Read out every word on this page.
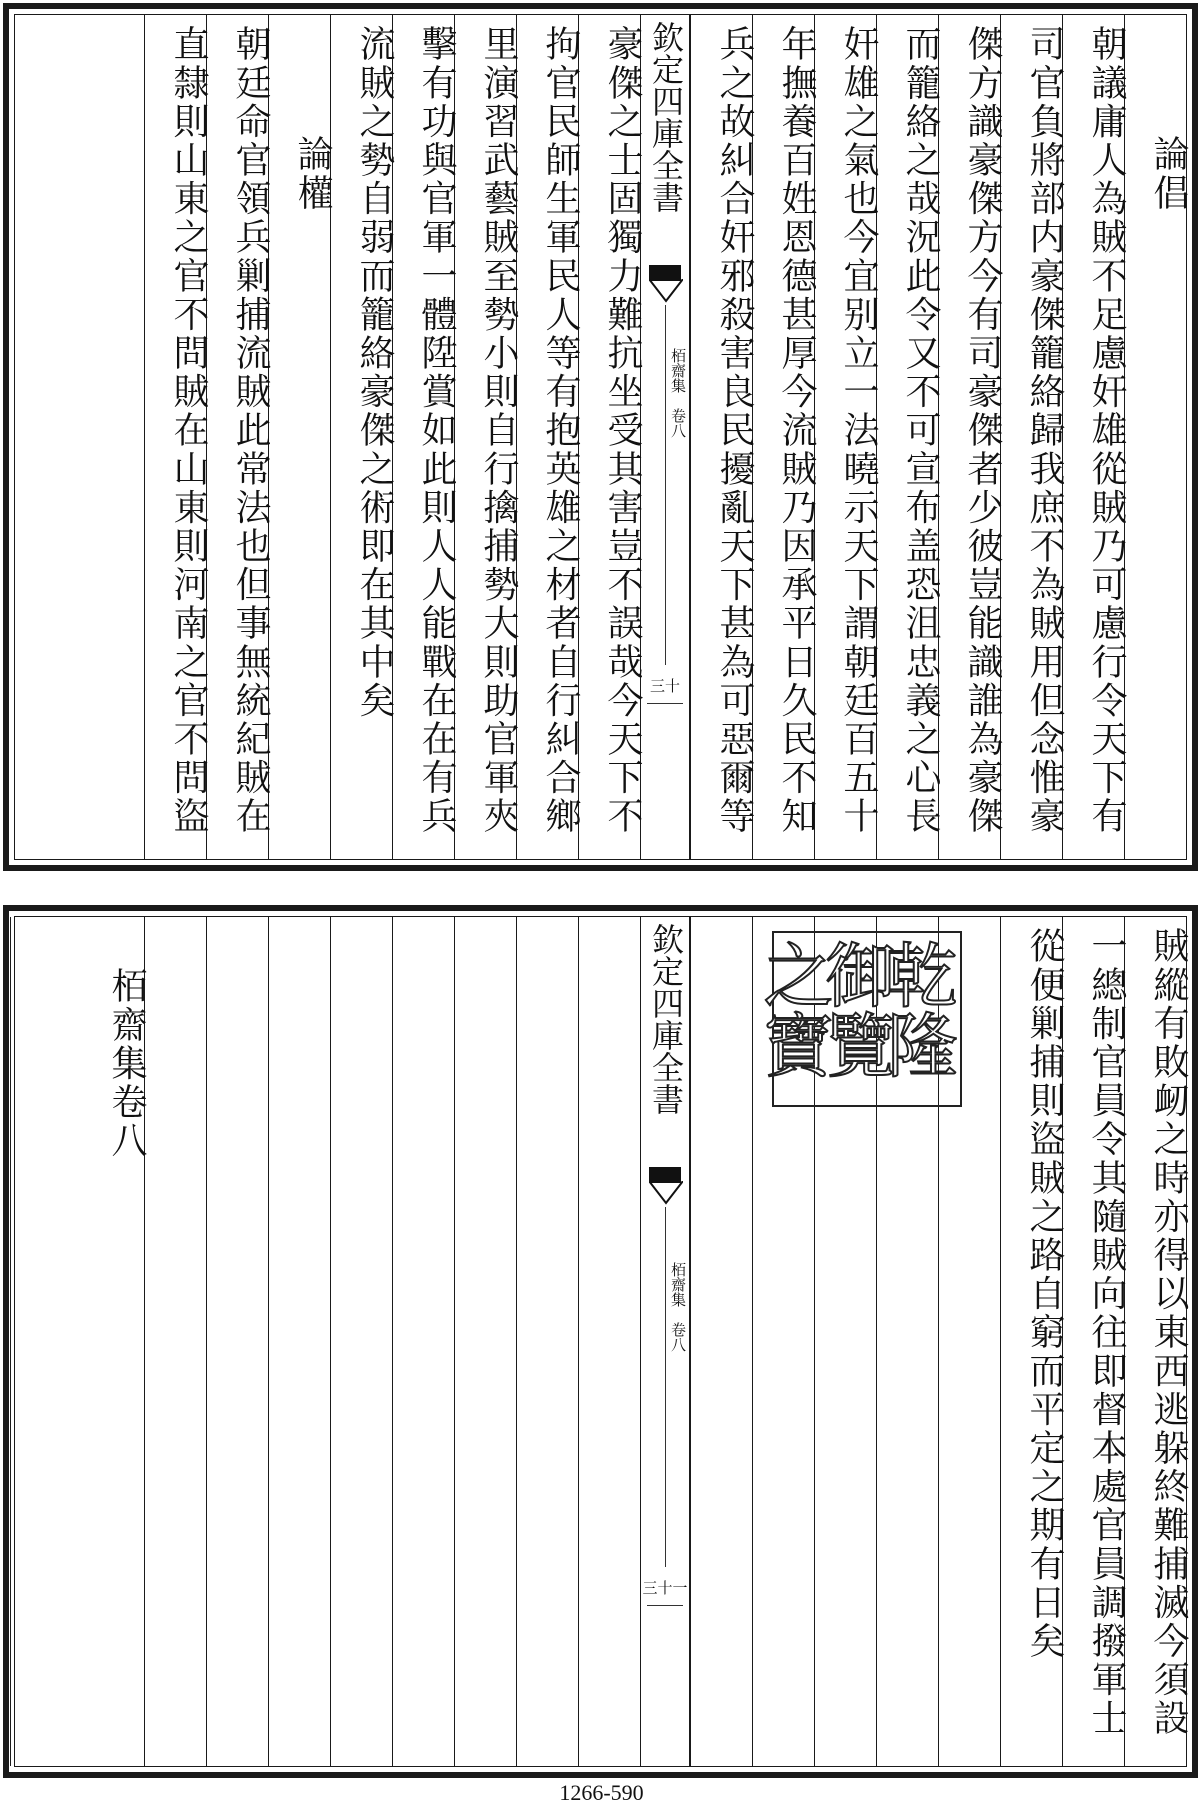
論倡
朝議庸人為賊不足慮奸雄從賊乃可慮行令天下有
司官負將部内豪傑籠絡歸我庶不為賊用但念惟豪
傑方識豪傑方今有司豪傑者少彼豈能識誰為豪傑
而籠絡之哉況此令又不可宣布盖恐沮忠義之心長
奸雄之氣也今宜别立一法曉示天下謂朝廷百五十
年撫養百姓恩德甚厚今流賊乃因承平日久民不知
兵之故糾合奸邪殺害良民擾亂天下甚為可惡爾等
欽定四庫全書
栢齋集　卷八
三十
豪傑之士固獨力難抗坐受其害豈不誤哉今天下不
拘官民師生軍民人等有抱英雄之材者自行糾合鄉
里演習武藝賊至勢小則自行擒捕勢大則助官軍夾
擊有功與官軍一體陞賞如此則人人能戰在在有兵
流賊之勢自弱而籠絡豪傑之術即在其中矣
論權
朝廷命官領兵剿捕流賊此常法也但事無統紀賊在
直隸則山東之官不問賊在山東則河南之官不問盜
賊縱有敗衂之時亦得以東西逃躲終難捕滅今須設
一總制官員令其隨賊向往即督本處官員調撥軍士
從便剿捕則盜賊之路自窮而平定之期有日矣
乾隆
御覽
之寶
欽定四庫全書
栢齋集　卷八
三十一
栢齋集卷八
1266-590
